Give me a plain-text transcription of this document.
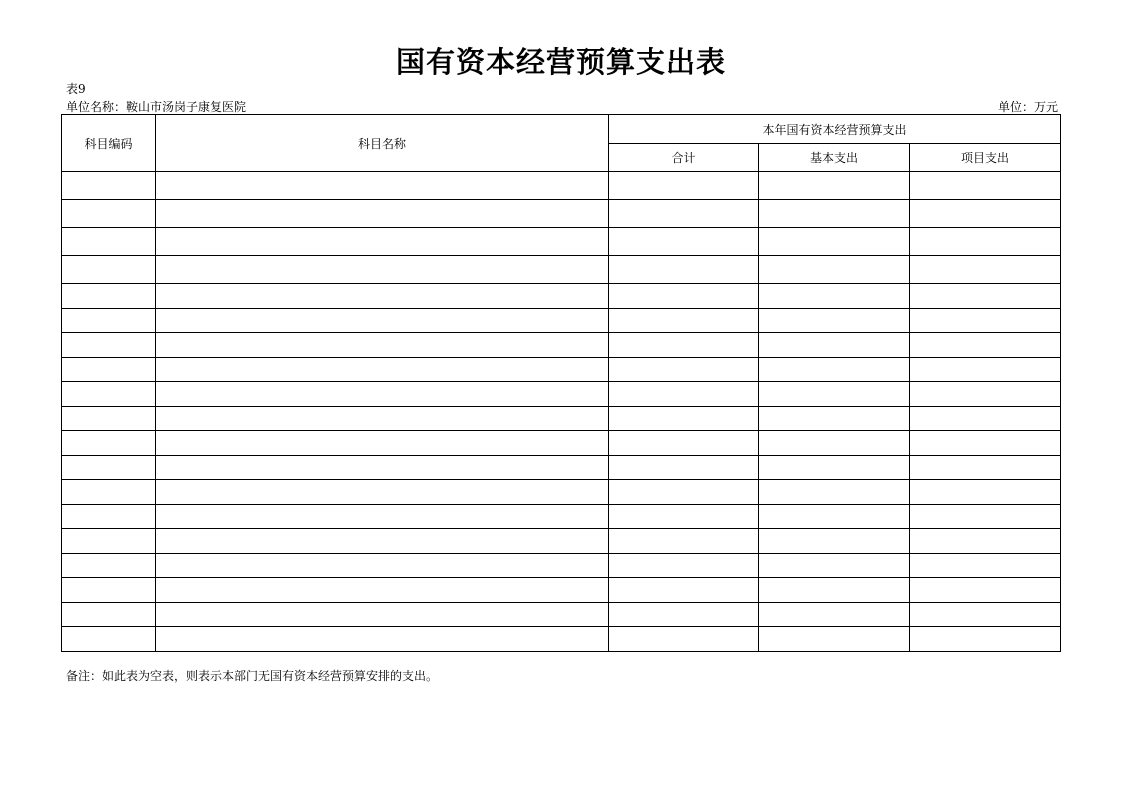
国有资本经营预算支出表
表9
单位名称：鞍山市汤岗子康复医院	单位：万元
科目编码	科目名称	本年国有资本经营预算支出		
		合计	基本支出	项目支出

备注：如此表为空表，则表示本部门无国有资本经营预算安排的支出。
